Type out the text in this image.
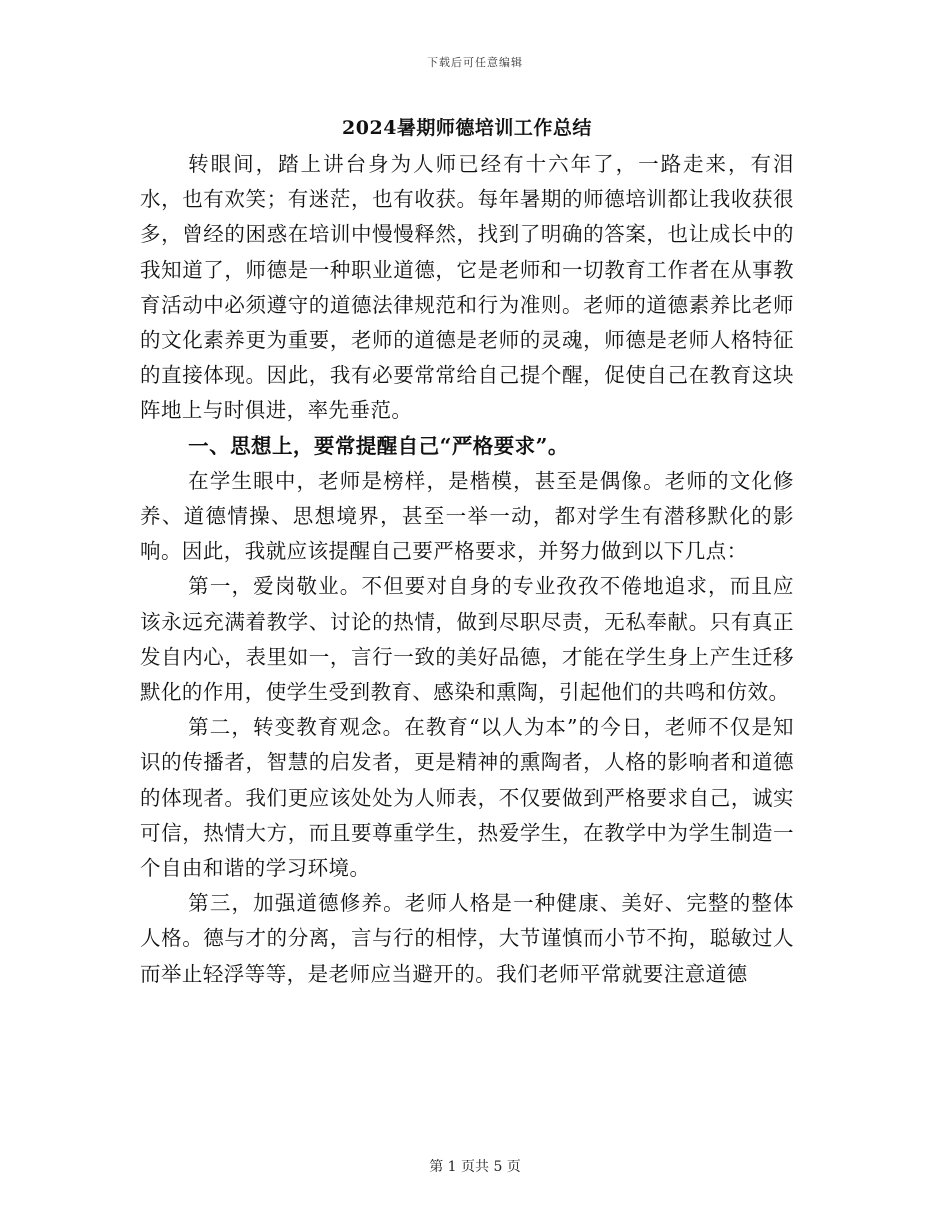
下载后可任意编辑
2024暑期师德培训工作总结

转眼间，踏上讲台身为人师已经有十六年了，一路走来，有泪水，也有欢笑；有迷茫，也有收获。每年暑期的师德培训都让我收获很多，曾经的困惑在培训中慢慢释然，找到了明确的答案，也让成长中的我知道了，师德是一种职业道德，它是老师和一切教育工作者在从事教育活动中必须遵守的道德法律规范和行为准则。老师的道德素养比老师的文化素养更为重要，老师的道德是老师的灵魂，师德是老师人格特征的直接体现。因此，我有必要常常给自己提个醒，促使自己在教育这块阵地上与时俱进，率先垂范。

一、思想上，要常提醒自己“严格要求”。

在学生眼中，老师是榜样，是楷模，甚至是偶像。老师的文化修养、道德情操、思想境界，甚至一举一动，都对学生有潜移默化的影响。因此，我就应该提醒自己要严格要求，并努力做到以下几点：

第一，爱岗敬业。不但要对自身的专业孜孜不倦地追求，而且应该永远充满着教学、讨论的热情，做到尽职尽责，无私奉献。只有真正发自内心，表里如一，言行一致的美好品德，才能在学生身上产生迁移默化的作用，使学生受到教育、感染和熏陶，引起他们的共鸣和仿效。

第二，转变教育观念。在教育“以人为本”的今日，老师不仅是知识的传播者，智慧的启发者，更是精神的熏陶者，人格的影响者和道德的体现者。我们更应该处处为人师表，不仅要做到严格要求自己，诚实可信，热情大方，而且要尊重学生，热爱学生，在教学中为学生制造一个自由和谐的学习环境。

第三，加强道德修养。老师人格是一种健康、美好、完整的整体人格。德与才的分离，言与行的相悖，大节谨慎而小节不拘，聪敏过人而举止轻浮等等，是老师应当避开的。我们老师平常就要注意道德

第 1 页共 5 页
